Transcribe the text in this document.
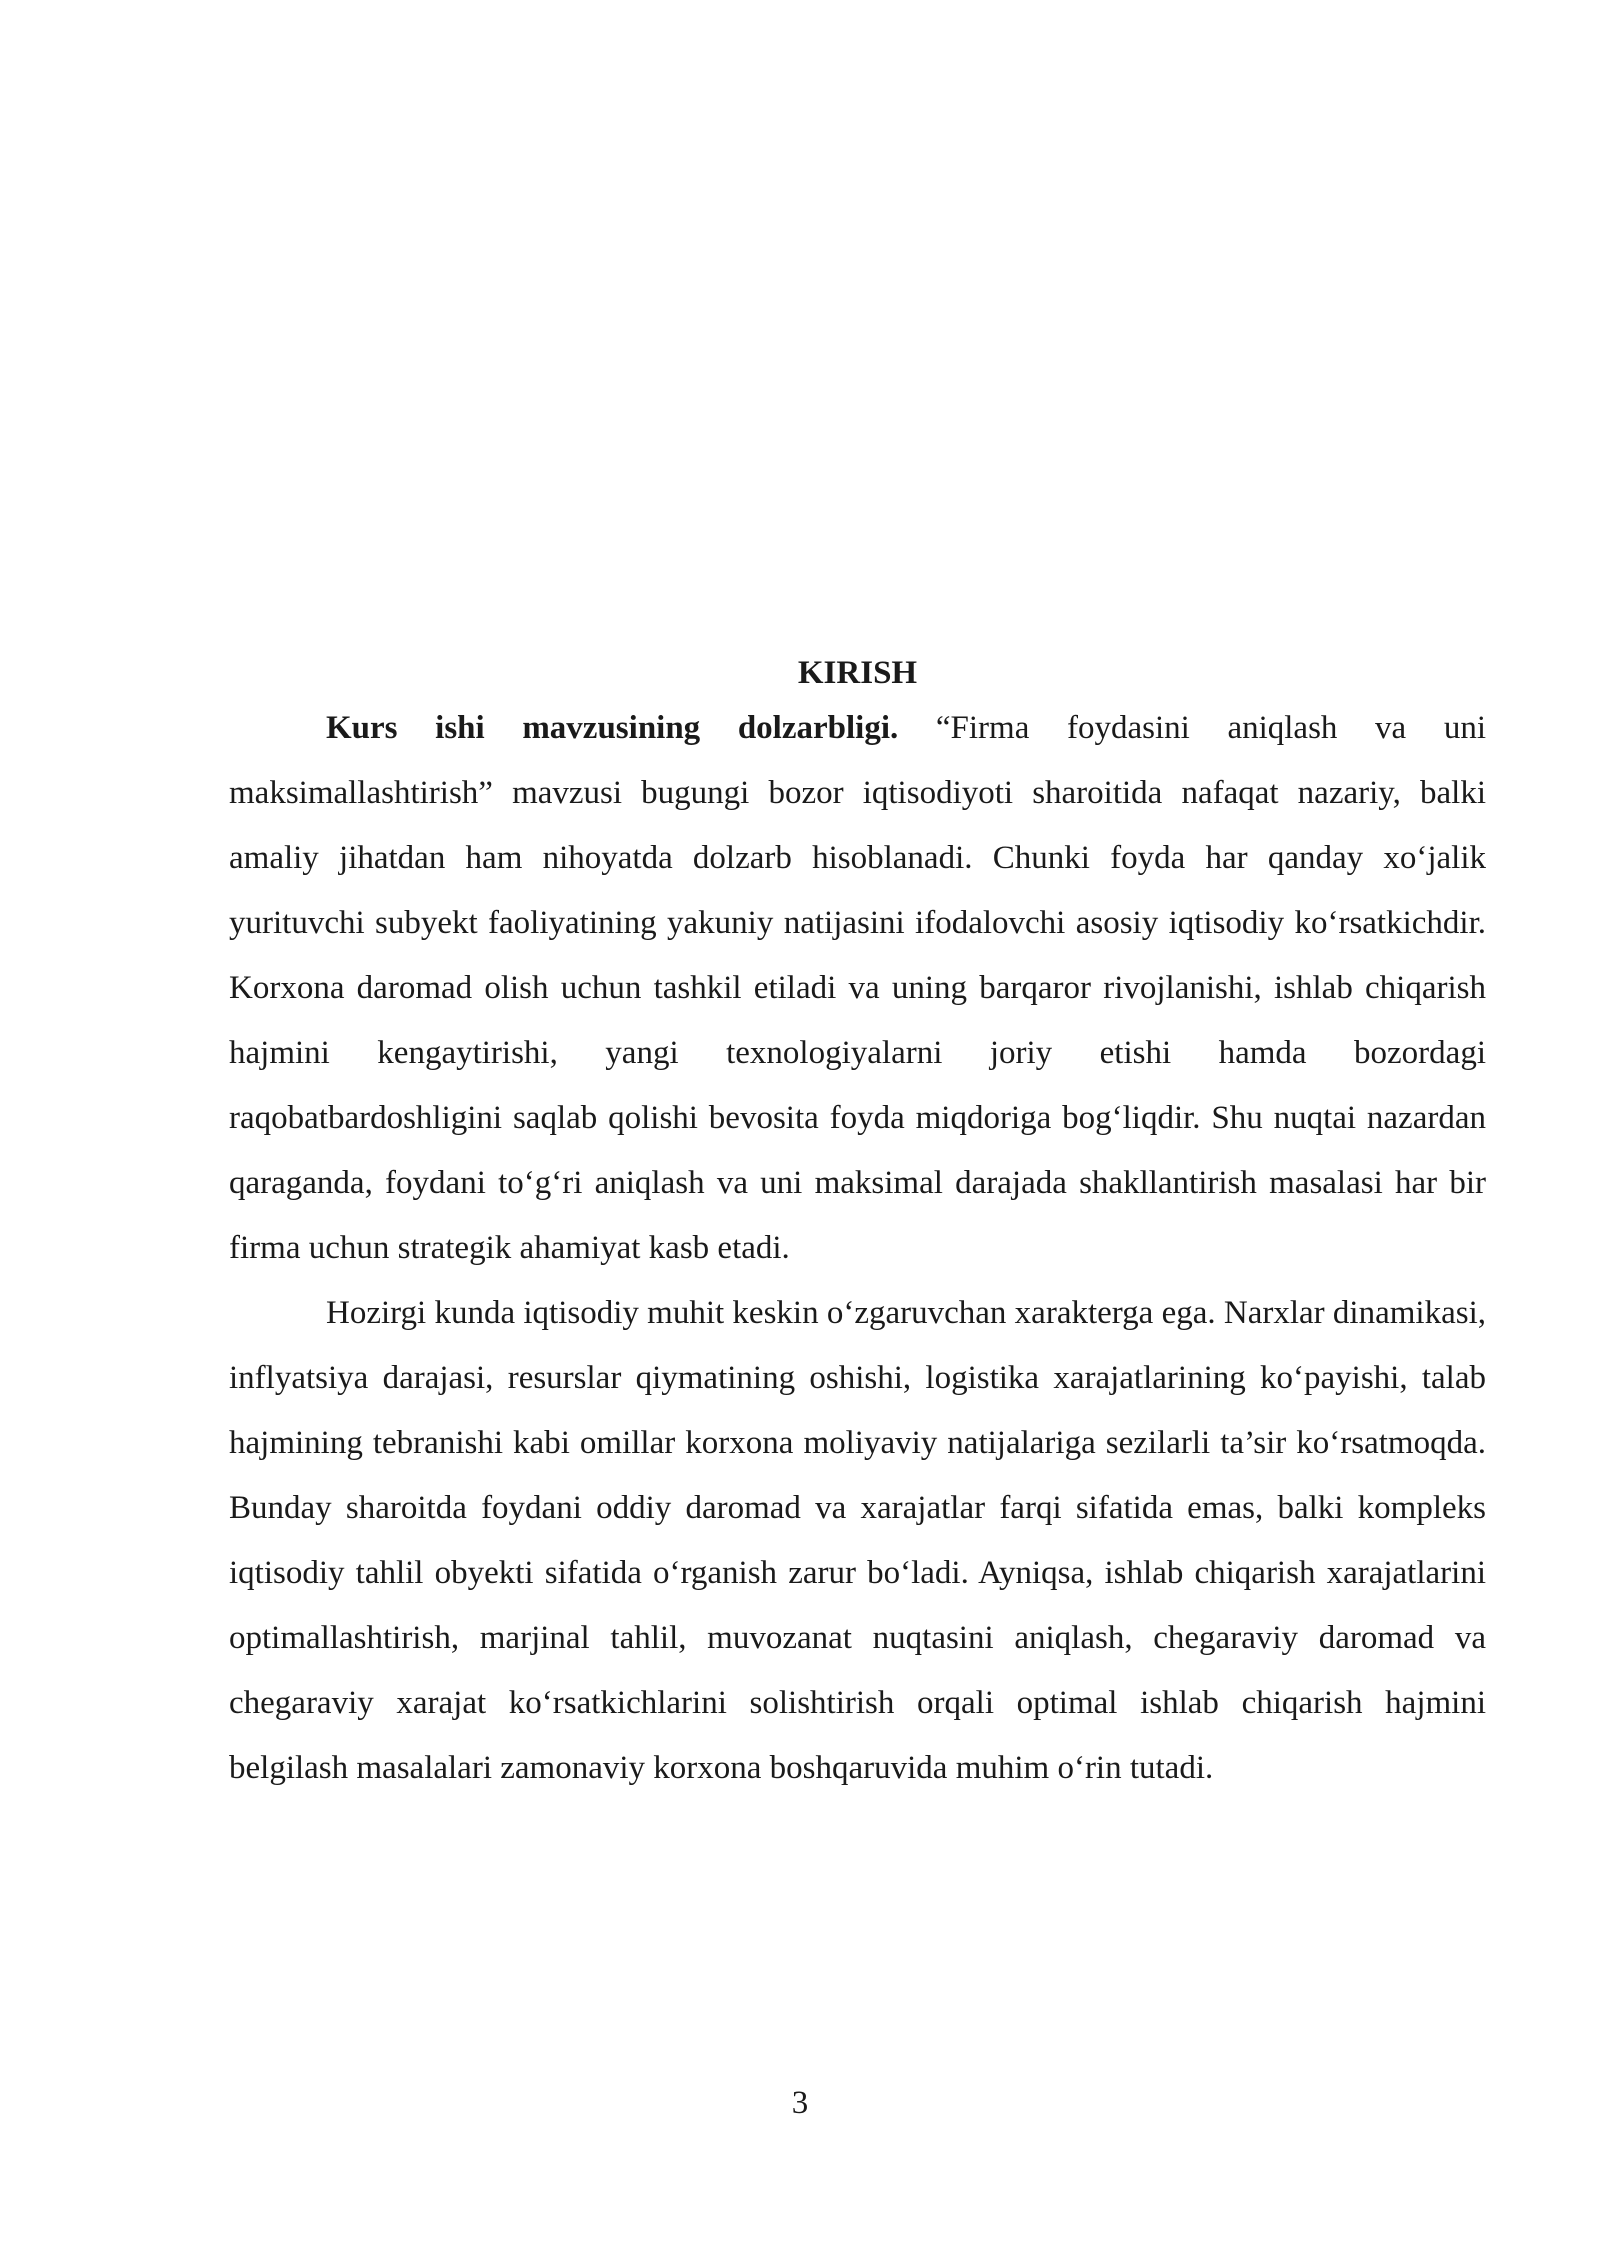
KIRISH

Kurs ishi mavzusining dolzarbligi. “Firma foydasini aniqlash va uni maksimallashtirish” mavzusi bugungi bozor iqtisodiyoti sharoitida nafaqat nazariy, balki amaliy jihatdan ham nihoyatda dolzarb hisoblanadi. Chunki foyda har qanday xo‘jalik yurituvchi subyekt faoliyatining yakuniy natijasini ifodalovchi asosiy iqtisodiy ko‘rsatkichdir. Korxona daromad olish uchun tashkil etiladi va uning barqaror rivojlanishi, ishlab chiqarish hajmini kengaytirishi, yangi texnologiyalarni joriy etishi hamda bozordagi raqobatbardoshligini saqlab qolishi bevosita foyda miqdoriga bog‘liqdir. Shu nuqtai nazardan qaraganda, foydani to‘g‘ri aniqlash va uni maksimal darajada shakllantirish masalasi har bir firma uchun strategik ahamiyat kasb etadi.

Hozirgi kunda iqtisodiy muhit keskin o‘zgaruvchan xarakterga ega. Narxlar dinamikasi, inflyatsiya darajasi, resurslar qiymatining oshishi, logistika xarajatlarining ko‘payishi, talab hajmining tebranishi kabi omillar korxona moliyaviy natijalariga sezilarli ta’sir ko‘rsatmoqda. Bunday sharoitda foydani oddiy daromad va xarajatlar farqi sifatida emas, balki kompleks iqtisodiy tahlil obyekti sifatida o‘rganish zarur bo‘ladi. Ayniqsa, ishlab chiqarish xarajatlarini optimallashtirish, marjinal tahlil, muvozanat nuqtasini aniqlash, chegaraviy daromad va chegaraviy xarajat ko‘rsatkichlarini solishtirish orqali optimal ishlab chiqarish hajmini belgilash masalalari zamonaviy korxona boshqaruvida muhim o‘rin tutadi.

3
